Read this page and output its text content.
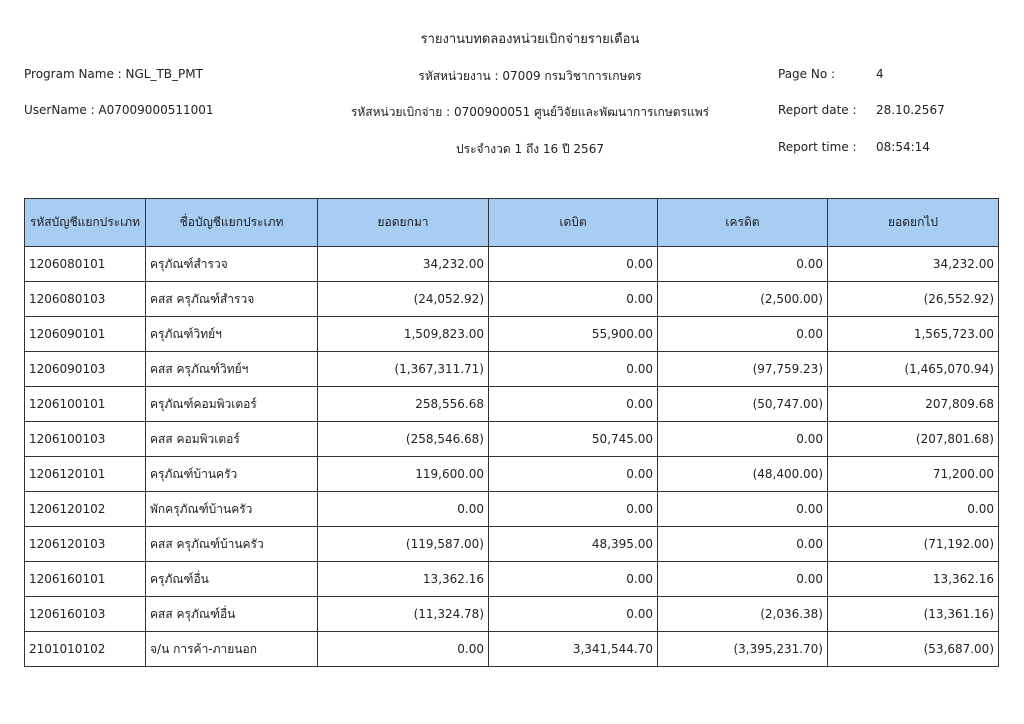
รายงานบทดลองหน่วยเบิกจ่ายรายเดือน
Program Name : NGL_TB_PMT
UserName : A07009000511001
รหัสหน่วยงาน : 07009 กรมวิชาการเกษตร
รหัสหน่วยเบิกจ่าย : 0700900051 ศูนย์วิจัยและพัฒนาการเกษตรแพร่
ประจำงวด 1 ถึง 16 ปี 2567
Page No :	4
Report date : 28.10.2567
Report time : 08:54:14
รหัสบัญชีแยกประเภท	ชื่อบัญชีแยกประเภท	ยอดยกมา	เดบิต	เครดิต	ยอดยกไป
1206080101	ครุภัณฑ์สำรวจ	34,232.00	0.00	0.00	34,232.00
1206080103	คสส ครุภัณฑ์สำรวจ	(24,052.92)	0.00	(2,500.00)	(26,552.92)
1206090101	ครุภัณฑ์วิทย์ฯ	1,509,823.00	55,900.00	0.00	1,565,723.00
1206090103	คสส ครุภัณฑ์วิทย์ฯ	(1,367,311.71)	0.00	(97,759.23)	(1,465,070.94)
1206100101	ครุภัณฑ์คอมพิวเตอร์	258,556.68	0.00	(50,747.00)	207,809.68
1206100103	คสส คอมพิวเตอร์	(258,546.68)	50,745.00	0.00	(207,801.68)
1206120101	ครุภัณฑ์บ้านครัว	119,600.00	0.00	(48,400.00)	71,200.00
1206120102	พักครุภัณฑ์บ้านครัว	0.00	0.00	0.00	0.00
1206120103	คสส ครุภัณฑ์บ้านครัว	(119,587.00)	48,395.00	0.00	(71,192.00)
1206160101	ครุภัณฑ์อื่น	13,362.16	0.00	0.00	13,362.16
1206160103	คสส ครุภัณฑ์อื่น	(11,324.78)	0.00	(2,036.38)	(13,361.16)
2101010102	จ/น การค้า-ภายนอก	0.00	3,341,544.70	(3,395,231.70)	(53,687.00)
